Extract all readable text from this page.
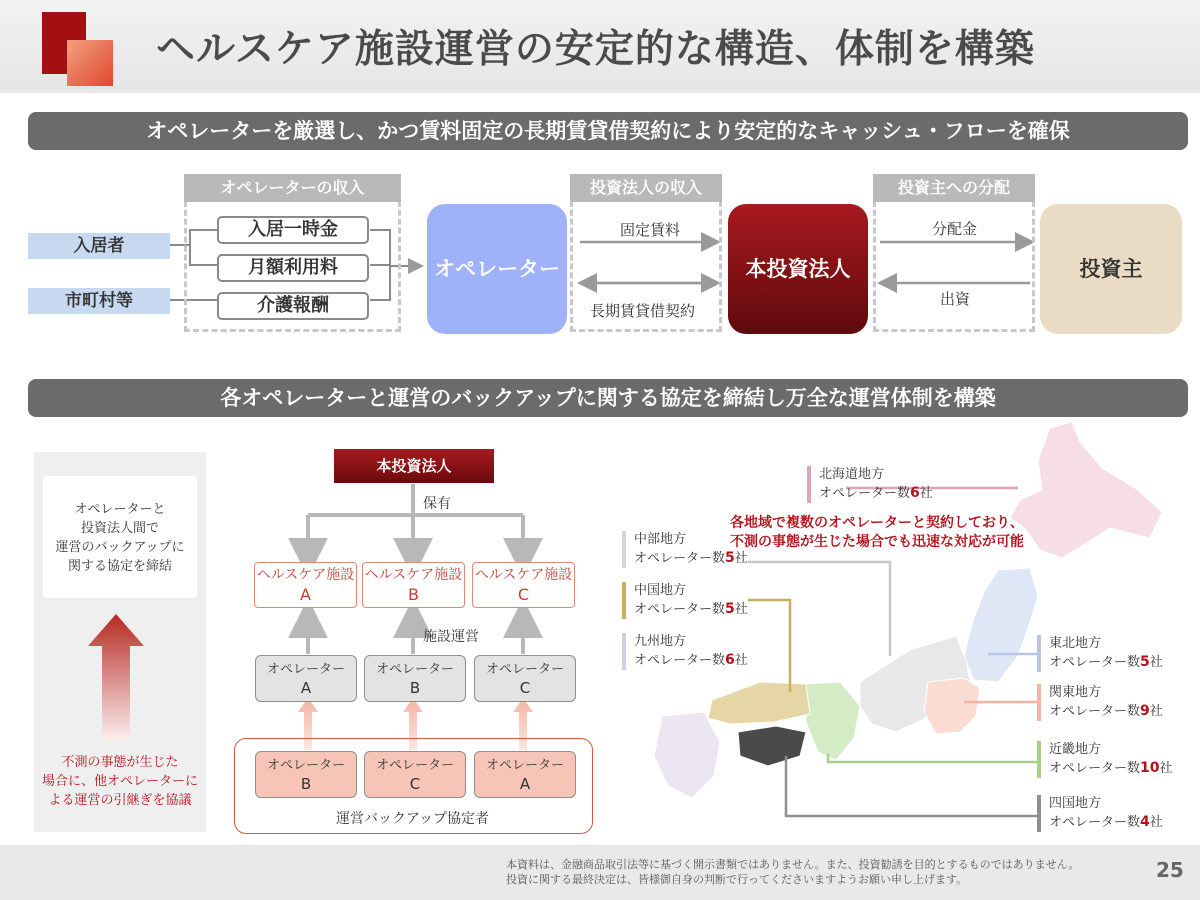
ヘルスケア施設運営の安定的な構造、体制を構築
オペレーターを厳選し、かつ賃料固定の長期賃貸借契約により安定的なキャッシュ・フローを確保
入居者
市町村等
オペレーターの収入
入居一時金
月額利用料
介護報酬
オペレーター
投資法人の収入
固定賃料
長期賃貸借契約
本投資法人
投資主への分配
分配金
出資
投資主
各オペレーターと運営のバックアップに関する協定を締結し万全な運営体制を構築
オペレーターと
投資法人間で
運営のバックアップに
関する協定を締結
不測の事態が生じた
場合に、他オペレーターに
よる運営の引継ぎを協議
本投資法人
保有
ヘルスケア施設
A
ヘルスケア施設
B
ヘルスケア施設
C
施設運営
オペレーター
A
オペレーター
B
オペレーター
C
オペレーター
B
オペレーター
C
オペレーター
A
運営バックアップ協定者
各地域で複数のオペレーターと契約しており、
不測の事態が生じた場合でも迅速な対応が可能
北海道地方
オペレーター数6社
中部地方
オペレーター数5社
中国地方
オペレーター数5社
九州地方
オペレーター数6社
東北地方
オペレーター数5社
関東地方
オペレーター数9社
近畿地方
オペレーター数10社
四国地方
オペレーター数4社
本資料は、金融商品取引法等に基づく開示書類ではありません。また、投資勧誘を目的とするものではありません。
投資に関する最終決定は、皆様御自身の判断で行ってくださいますようお願い申し上げます。	25
